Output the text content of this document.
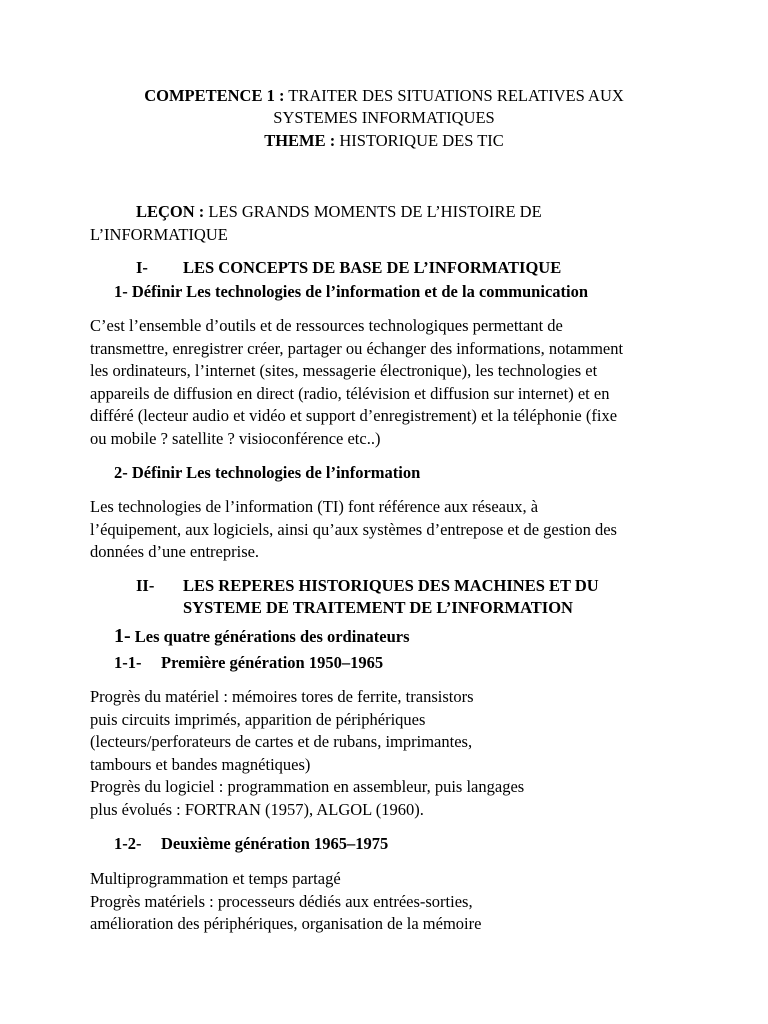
COMPETENCE 1 : TRAITER DES SITUATIONS RELATIVES AUX
SYSTEMES INFORMATIQUES
THEME : HISTORIQUE DES TIC
LEÇON : LES GRANDS MOMENTS DE L’HISTOIRE DE
L’INFORMATIQUE
I- LES CONCEPTS DE BASE DE L’INFORMATIQUE
1- Définir Les technologies de l’information et de la communication
C’est l’ensemble d’outils et de ressources technologiques permettant de
transmettre, enregistrer créer, partager ou échanger des informations, notamment
les ordinateurs, l’internet (sites, messagerie électronique), les technologies et
appareils de diffusion en direct (radio, télévision et diffusion sur internet) et en
différé (lecteur audio et vidéo et support d’enregistrement) et la téléphonie (fixe
ou mobile ? satellite ? visioconférence etc..)
2- Définir Les technologies de l’information
Les technologies de l’information (TI) font référence aux réseaux, à
l’équipement, aux logiciels, ainsi qu’aux systèmes d’entrepose et de gestion des
données d’une entreprise.
II- LES REPERES HISTORIQUES DES MACHINES ET DU
SYSTEME DE TRAITEMENT DE L’INFORMATION
1- Les quatre générations des ordinateurs
1-1- Première génération 1950–1965
Progrès du matériel : mémoires tores de ferrite, transistors
puis circuits imprimés, apparition de périphériques
(lecteurs/perforateurs de cartes et de rubans, imprimantes,
tambours et bandes magnétiques)
Progrès du logiciel : programmation en assembleur, puis langages
plus évolués : FORTRAN (1957), ALGOL (1960).
1-2- Deuxième génération 1965–1975
Multiprogrammation et temps partagé
Progrès matériels : processeurs dédiés aux entrées-sorties,
amélioration des périphériques, organisation de la mémoire
